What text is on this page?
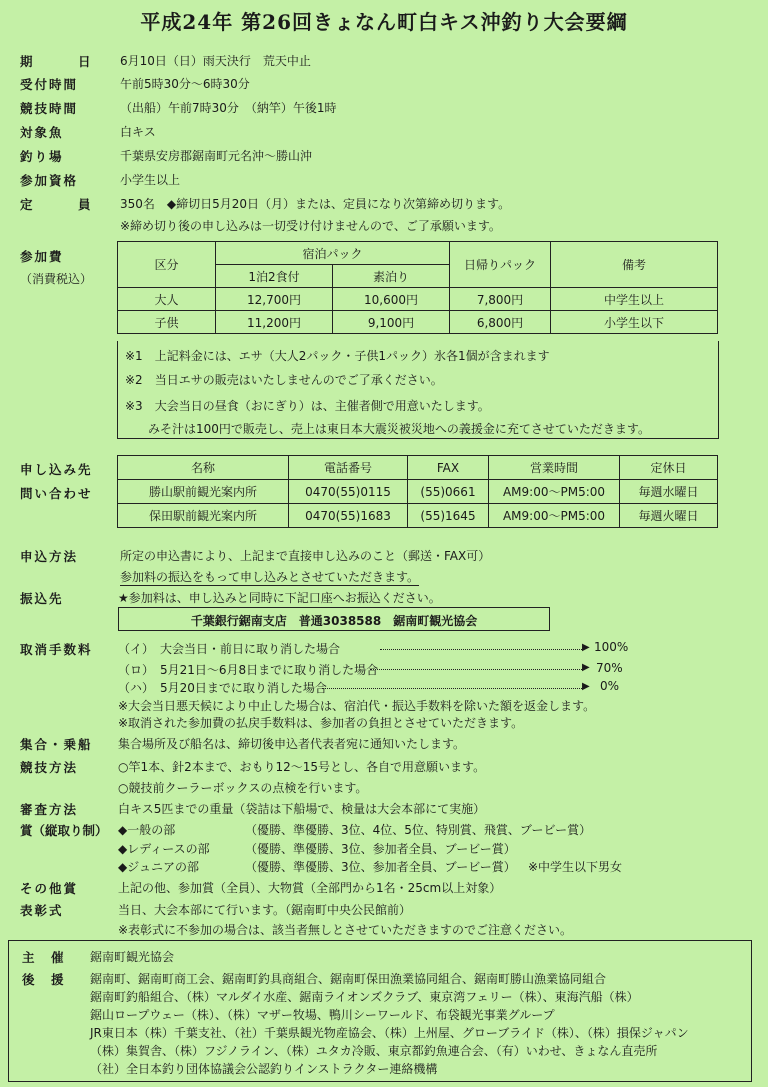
平成24年 第26回きょなん町白キス沖釣り大会要綱
期　　　日 6月10日（日）雨天決行　荒天中止
受付時間	午前5時30分～6時30分
競技時間	（出船）午前7時30分　（納竿）午後1時
対象魚	白キス
釣り場	千葉県安房郡鋸南町元名沖～勝山沖
参加資格	小学生以上
定　　　員 350名　◆締切日5月20日（月）または、定員になり次第締め切ります。
※締め切り後の申し込みは一切受け付けませんので、ご了承願います。
参加費
（消費税込）
区分	宿泊パック		日帰りパック	備考
	1泊2食付	素泊り		
大人	12,700円	10,600円	7,800円	中学生以上
子供	11,200円	9,100円	6,800円	小学生以下
※1　上記料金には、エサ（大人2パック・子供1パック）氷各1個が含まれます
※2　当日エサの販売はいたしませんのでご了承ください。
※3　大会当日の昼食（おにぎり）は、主催者側で用意いたします。
みそ汁は100円で販売し、売上は東日本大震災被災地への義援金に充てさせていただきます。
申し込み先
問い合わせ
名称	電話番号	FAX	営業時間	定休日
勝山駅前観光案内所	0470(55)0115	(55)0661	AM9:00～PM5:00	毎週水曜日
保田駅前観光案内所	0470(55)1683	(55)1645	AM9:00～PM5:00	毎週火曜日
申込方法	所定の申込書により、上記まで直接申し込みのこと（郵送・FAX可）
参加料の振込をもって申し込みとさせていただきます。
振込先	★参加料は、申し込みと同時に下記口座へお振込ください。
千葉銀行鋸南支店　普通3038588　鋸南町観光協会
取消手数料 （イ）　大会当日・前日に取り消した場合	▶ 100%
（ロ）　5月21日～6月8日までに取り消した場合	▶ 70%
（ハ）　5月20日までに取り消した場合	▶ 0%
※大会当日悪天候により中止した場合は、宿泊代・振込手数料を除いた額を返金します。
※取消された参加費の払戻手数料は、参加者の負担とさせていただきます。
集合・乗船 集合場所及び船名は、締切後申込者代表者宛に通知いたします。
競技方法	○竿1本、針2本まで、おもり12～15号とし、各自で用意願います。
○競技前クーラーボックスの点検を行います。
審査方法	白キス5匹までの重量（袋詰は下船場で、検量は大会本部にて実施）
賞（縦取り制） ◆一般の部	（優勝、準優勝、3位、4位、5位、特別賞、飛賞、ブービー賞）
◆レディースの部	（優勝、準優勝、3位、参加者全員、ブービー賞）
◆ジュニアの部	（優勝、準優勝、3位、参加者全員、ブービー賞） ※中学生以下男女
その他賞	上記の他、参加賞（全員）、大物賞（全部門から1名・25cm以上対象）
表彰式	当日、大会本部にて行います。（鋸南町中央公民館前）
※表彰式に不参加の場合は、該当者無しとさせていただきますのでご注意ください。
主　催 鋸南町観光協会
後　援 鋸南町、鋸南町商工会、鋸南町釣具商組合、鋸南町保田漁業協同組合、鋸南町勝山漁業協同組合
鋸南町釣船組合、（株）マルダイ水産、鋸南ライオンズクラブ、東京湾フェリー（株）、東海汽船（株）
鋸山ロープウェー（株）、（株）マザー牧場、鴨川シーワールド、布袋観光事業グループ
JR東日本（株）千葉支社、（社）千葉県観光物産協会、（株）上州屋、グローブライド（株）、（株）損保ジャパン
（株）集賀舎、（株）フジノライン、（株）ユタカ冷販、東京都釣魚連合会、（有）いわせ、きょなん直売所
（社）全日本釣り団体協議会公認釣りインストラクター連絡機構
